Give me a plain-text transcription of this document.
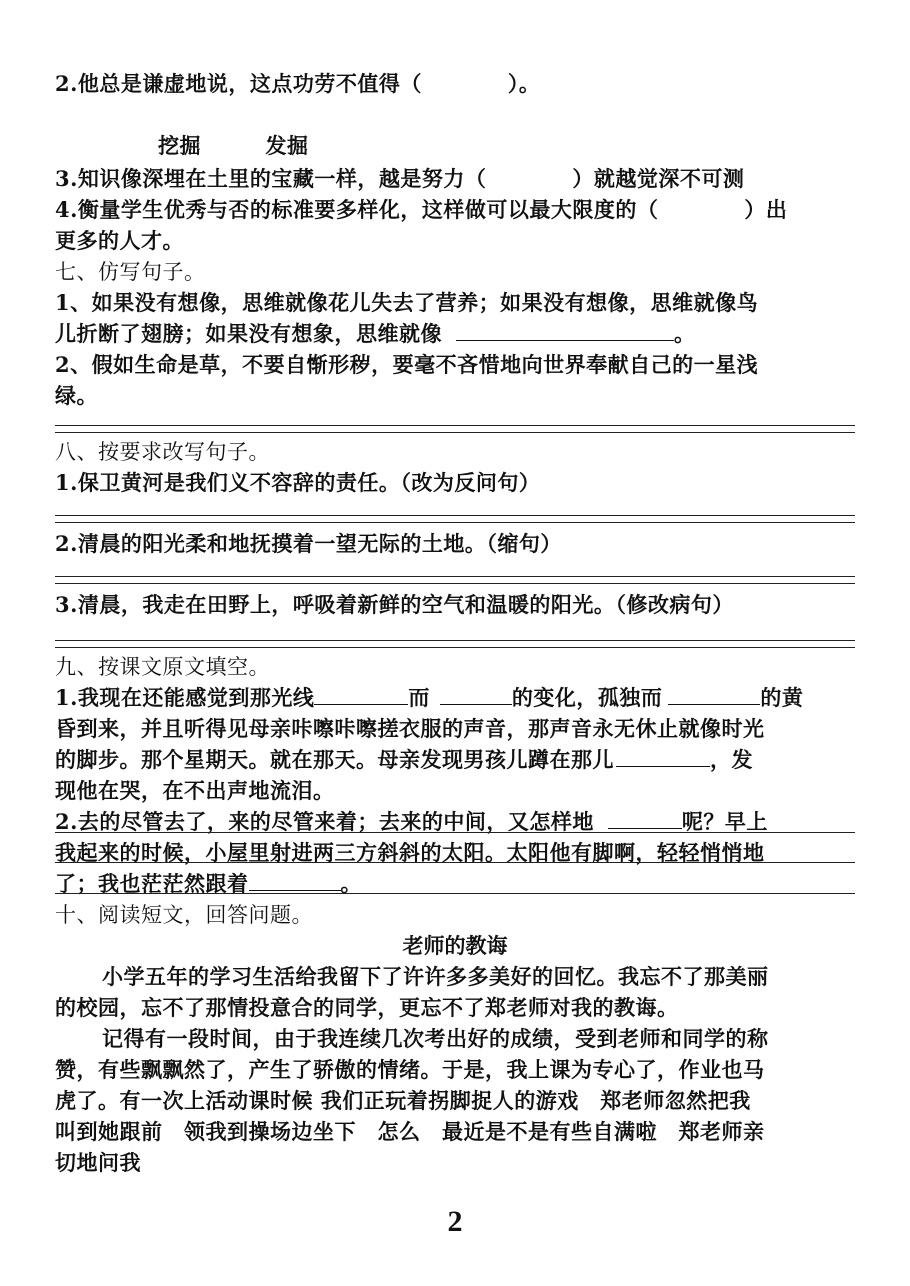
2.他总是谦虚地说，这点功劳不值得（　　　　）。
挖掘　　　发掘
3.知识像深埋在土里的宝藏一样，越是努力（　　　　）就越觉深不可测
4.衡量学生优秀与否的标准要多样化，这样做可以最大限度的（　　　　）出
更多的人才。
七、仿写句子。
1、如果没有想像，思维就像花儿失去了营养；如果没有想像，思维就像鸟
儿折断了翅膀；如果没有想象，思维就像	。
2、假如生命是草，不要自惭形秽，要毫不吝惜地向世界奉献自己的一星浅
绿。
八、按要求改写句子。
1.保卫黄河是我们义不容辞的责任。（改为反问句）
2.清晨的阳光柔和地抚摸着一望无际的土地。（缩句）
3.清晨，我走在田野上，呼吸着新鲜的空气和温暖的阳光。（修改病句）
九、按课文原文填空。
1.我现在还能感觉到那光线	而	的变化，孤独而	的黄
昏到来，并且听得见母亲咔嚓咔嚓搓衣服的声音，那声音永无休止就像时光
的脚步。那个星期天。就在那天。母亲发现男孩儿蹲在那儿	，发
现他在哭，在不出声地流泪。
2.去的尽管去了，来的尽管来着；去来的中间，又怎样地	呢？早上
我起来的时候，小屋里射进两三方斜斜的太阳。太阳他有脚啊，轻轻悄悄地
了；我也茫茫然跟着	。
十、阅读短文，回答问题。
老师的教诲
小学五年的学习生活给我留下了许许多多美好的回忆。我忘不了那美丽
的校园，忘不了那情投意合的同学，更忘不了郑老师对我的教诲。
记得有一段时间，由于我连续几次考出好的成绩，受到老师和同学的称
赞，有些飘飘然了，产生了骄傲的情绪。于是，我上课为专心了，作业也马
虎了。有一次上活动课时候 我们正玩着拐脚捉人的游戏　郑老师忽然把我
叫到她跟前　领我到操场边坐下　怎么　最近是不是有些自满啦　郑老师亲
切地问我
2
